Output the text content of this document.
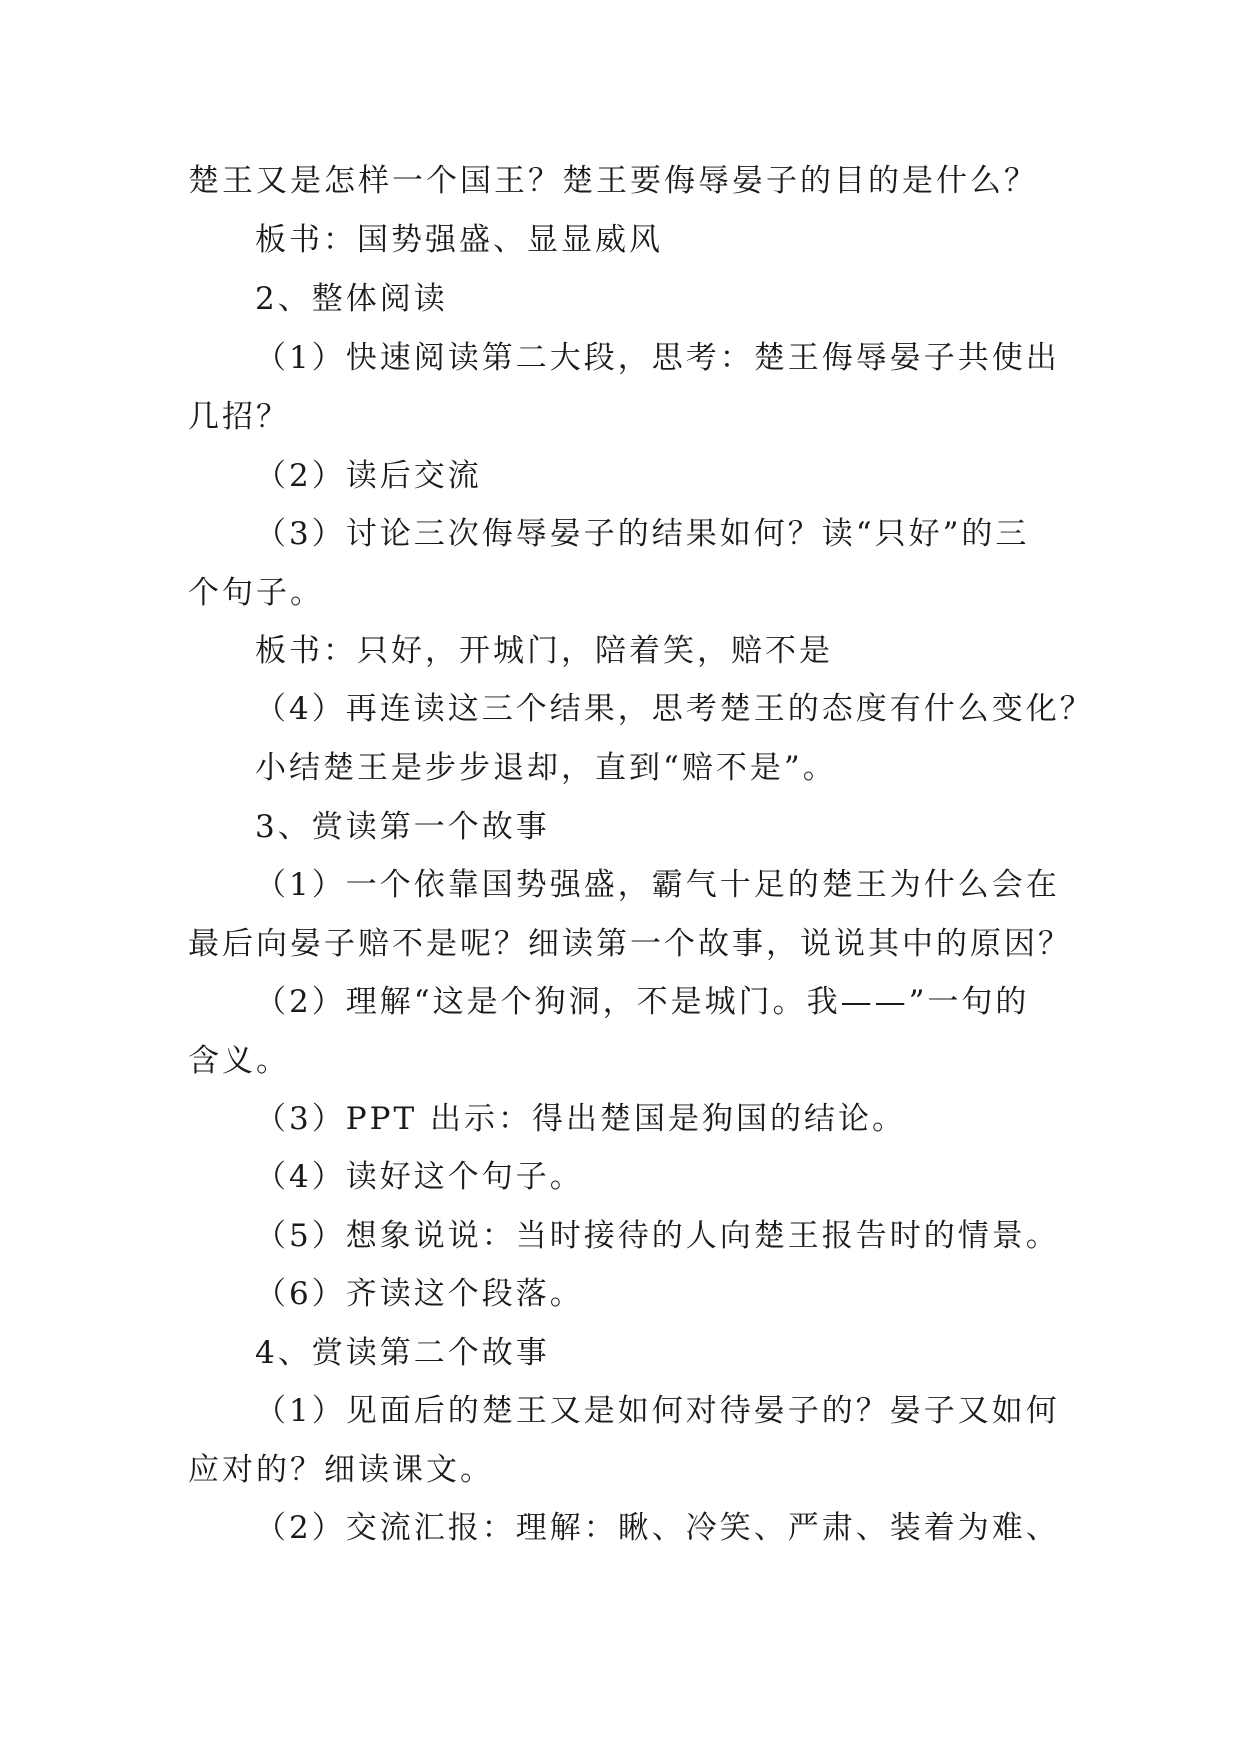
楚王又是怎样一个国王？楚王要侮辱晏子的目的是什么？
板书：国势强盛、显显威风
2、整体阅读
（1）快速阅读第二大段，思考：楚王侮辱晏子共使出
几招？
（2）读后交流
（3）讨论三次侮辱晏子的结果如何？读“只好”的三
个句子。
板书：只好，开城门，陪着笑，赔不是
（4）再连读这三个结果，思考楚王的态度有什么变化？
小结楚王是步步退却，直到“赔不是”。
3、赏读第一个故事
（1）一个依靠国势强盛，霸气十足的楚王为什么会在
最后向晏子赔不是呢？细读第一个故事，说说其中的原因？
（2）理解“这是个狗洞，不是城门。我——”一句的
含义。
（3）PPT 出示：得出楚国是狗国的结论。
（4）读好这个句子。
（5）想象说说：当时接待的人向楚王报告时的情景。
（6）齐读这个段落。
4、赏读第二个故事
（1）见面后的楚王又是如何对待晏子的？晏子又如何
应对的？细读课文。
（2）交流汇报：理解：瞅、冷笑、严肃、装着为难、
